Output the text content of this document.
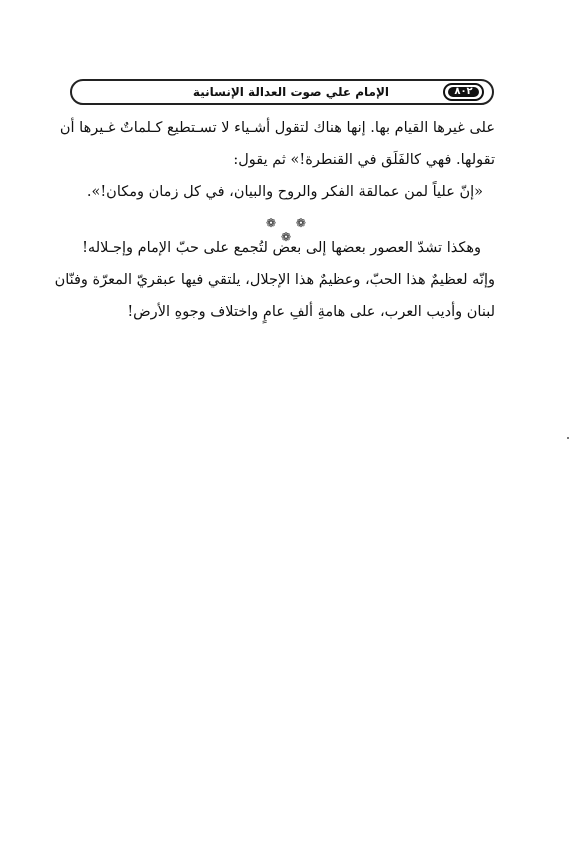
الإمام علي صوت العدالة الإنسانية	٨٠٢
على غيرها القيام بها. إنها هناك لتقول أشـياء لا تسـتطيع كـلماتٌ غـيرها أن
تقولها. فهي كالفَلَق في القنطرة!» ثم يقول:
«إنّ علياً لمن عمالقة الفكر والروح والبيان، في كل زمان ومكان!».
❁ ❁ ❁
وهكذا تشدّ العصور بعضها إلى بعض لتُجمع على حبّ الإمام وإجـلاله!
وإنّه لعظيمٌ هذا الحبّ، وعظيمٌ هذا الإجلال، يلتقي فيها عبقريّ المعرّة وفنّان
لبنان وأديب العرب، على هامةِ ألفِ عامٍ واختلاف وجوهِ الأرض!
